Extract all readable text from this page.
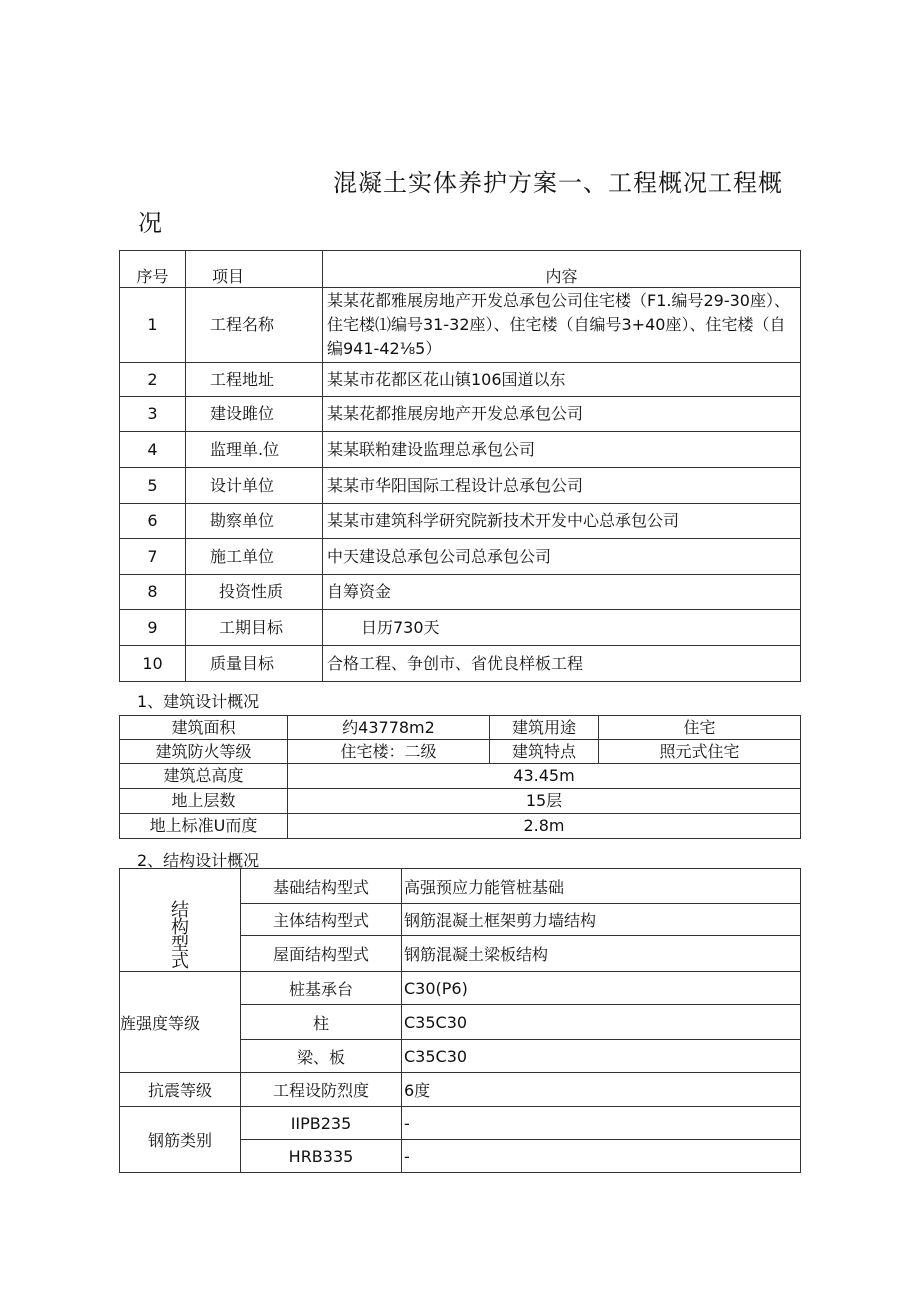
混凝土实体养护方案一、工程概况工程概
况
序号	项目	内容
1	工程名称	某某花都雅展房地产开发总承包公司住宅楼（F1.编号29-30座）、住宅楼⑴编号31-32座）、住宅楼（自编号3+40座）、住宅楼（自编941-42⅛5）
2	工程地址	某某市花都区花山镇106国道以东
3	建设雎位	某某花都推展房地产开发总承包公司
4	监理单.位	某某联粕建设监理总承包公司
5	设计单位	某某市华阳国际工程设计总承包公司
6	勘察单位	某某市建筑科学研究院新技术开发中心总承包公司
7	施工单位	中天建设总承包公司总承包公司
8	投资性质	自筹资金
9	工期目标	日历730天
10	质量目标	合格工程、争创市、省优良样板工程
1、建筑设计概况
建筑面积	约43778m2	建筑用途	住宅
建筑防火等级	住宅楼：二级	建筑特点	照元式住宅
建筑总高度	43.45m		
地上层数	15层		
地上标准U而度	2.8m		
2、结构设计概况
结构型式	基础结构型式	高强预应力能管桩基础
	主体结构型式	钢筋混凝土框架剪力墙结构
	屋面结构型式	钢筋混凝土梁板结构
旌强度等级	桩基承台	C30(P6)
	柱	C35C30
	梁、板	C35C30
抗震等级	工程设防烈度	6度
钢筋类别	IIPB235	-
	HRB335	-
